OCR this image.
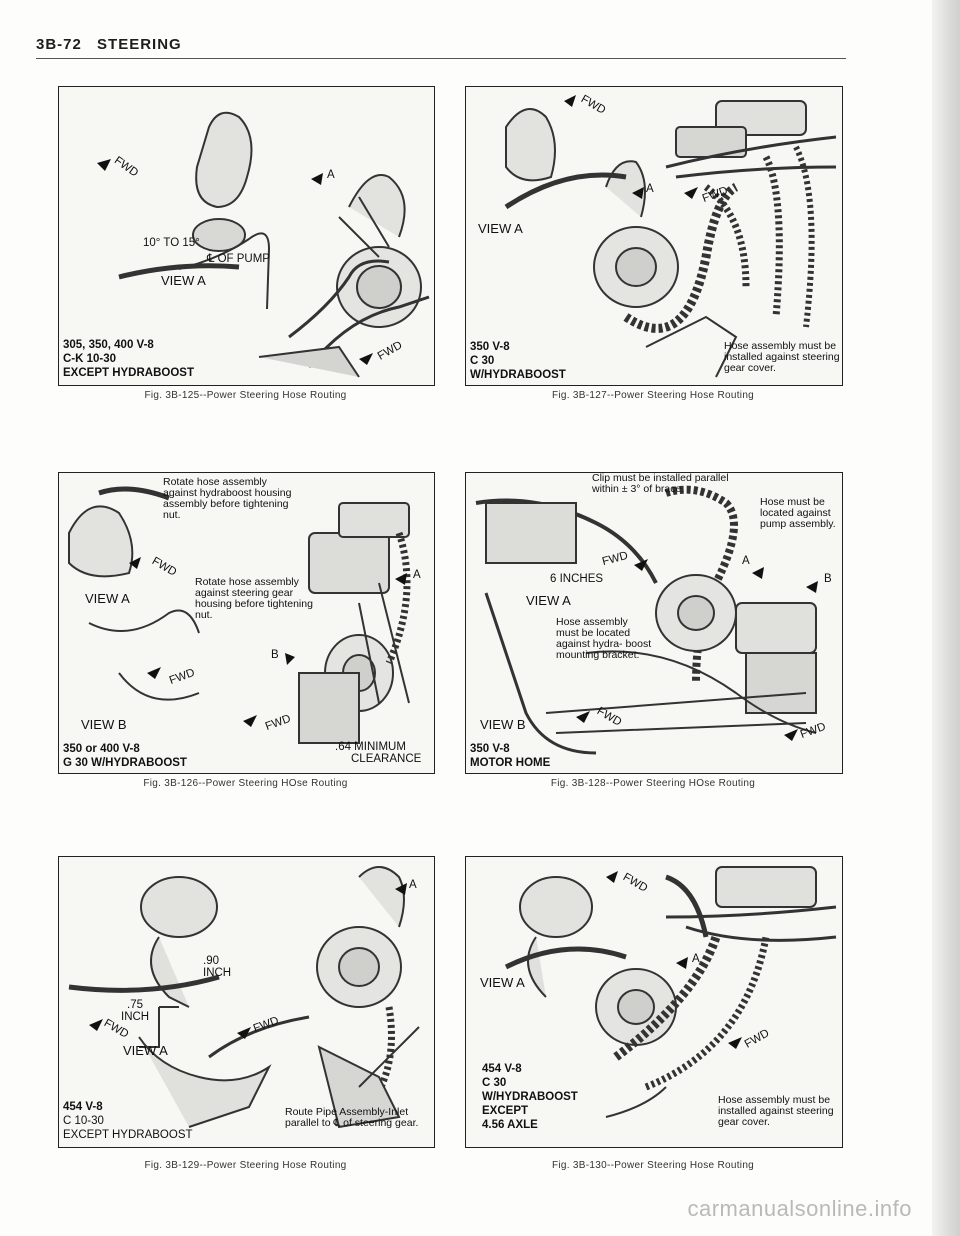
3B-72 STEERING
FWD
FWD
A
10° TO 15°
℄ OF PUMP
VIEW A
305, 350, 400 V-8
C-K 10-30
EXCEPT HYDRABOOST
Fig. 3B-125--Power Steering Hose Routing
FWD
FWD
A
VIEW A
350 V-8
C 30
W/HYDRABOOST
Hose assembly must be installed against steering gear cover.
Fig. 3B-127--Power Steering Hose Routing
Rotate hose assembly against hydraboost housing assembly before tightening nut.
Rotate hose assembly against steering gear housing before tightening nut.
FWD
FWD
FWD
A
B
VIEW A
VIEW B
.64 MINIMUM
CLEARANCE
350 or 400 V-8
G 30 W/HYDRABOOST
Fig. 3B-126--Power Steering HOse Routing
Clip must be installed parallel within ± 3° of brace.
Hose must be located against pump assembly.
FWD
FWD
FWD
A
B
6 INCHES
VIEW A
Hose assembly must be located against hydra- boost mounting bracket.
VIEW B
350 V-8
MOTOR HOME
Fig. 3B-128--Power Steering HOse Routing
FWD	FWD
A
.90
INCH
.75
INCH
VIEW A
454 V-8
C 10-30
EXCEPT HYDRABOOST
Route Pipe Assembly-Inlet parallel to ℄ of steering gear.
Fig. 3B-129--Power Steering Hose Routing
FWD
FWD
A
VIEW A
454 V-8
C 30
W/HYDRABOOST
EXCEPT
4.56 AXLE
Hose assembly must be installed against steering gear cover.
Fig. 3B-130--Power Steering Hose Routing
carmanualsonline.info
